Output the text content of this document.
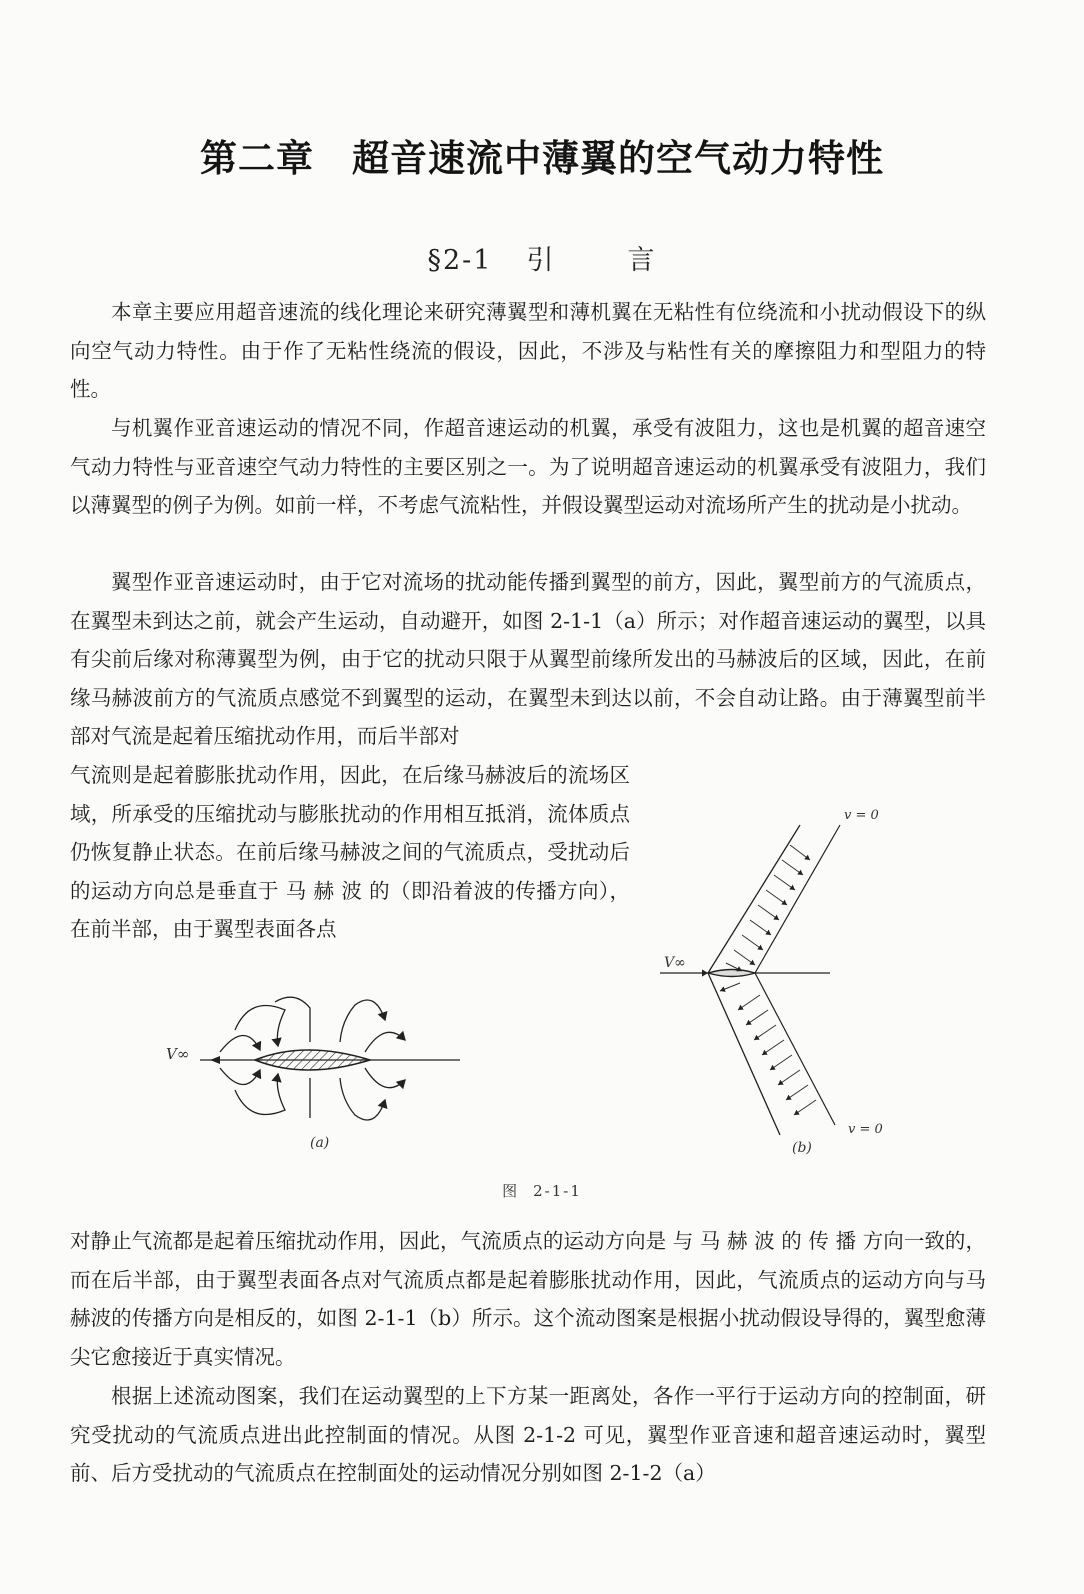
第二章 超音速流中薄翼的空气动力特性
§2-1 引	言

本章主要应用超音速流的线化理论来研究薄翼型和薄机翼在无粘性有位绕流和小扰动假设下的纵向空气动力特性。由于作了无粘性绕流的假设，因此，不涉及与粘性有关的摩擦阻力和型阻力的特性。

与机翼作亚音速运动的情况不同，作超音速运动的机翼，承受有波阻力，这也是机翼的超音速空气动力特性与亚音速空气动力特性的主要区别之一。为了说明超音速运动的机翼承受有波阻力，我们以薄翼型的例子为例。如前一样，不考虑气流粘性，并假设翼型运动对流场所产生的扰动是小扰动。

翼型作亚音速运动时，由于它对流场的扰动能传播到翼型的前方，因此，翼型前方的气流质点，在翼型未到达之前，就会产生运动，自动避开，如图 2-1-1（a）所示；对作超音速运动的翼型，以具有尖前后缘对称薄翼型为例，由于它的扰动只限于从翼型前缘所发出的马赫波后的区域，因此，在前缘马赫波前方的气流质点感觉不到翼型的运动，在翼型未到达以前，不会自动让路。由于薄翼型前半部对气流是起着压缩扰动作用，而后半部对

气流则是起着膨胀扰动作用，因此，在后缘马赫波后的流场区域，所承受的压缩扰动与膨胀扰动的作用相互抵消，流体质点仍恢复静止状态。在前后缘马赫波之间的气流质点，受扰动后的运动方向总是垂直于 马 赫 波 的（即沿着波的传播方向），在前半部，由于翼型表面各点

V∞
(a)
v = 0
V∞
v = 0
(b)
图 2-1-1

对静止气流都是起着压缩扰动作用，因此，气流质点的运动方向是 与 马 赫 波 的 传 播 方向一致的，而在后半部，由于翼型表面各点对气流质点都是起着膨胀扰动作用，因此，气流质点的运动方向与马赫波的传播方向是相反的，如图 2-1-1（b）所示。这个流动图案是根据小扰动假设导得的，翼型愈薄尖它愈接近于真实情况。

根据上述流动图案，我们在运动翼型的上下方某一距离处，各作一平行于运动方向的控制面，研究受扰动的气流质点进出此控制面的情况。从图 2-1-2 可见，翼型作亚音速和超音速运动时，翼型前、后方受扰动的气流质点在控制面处的运动情况分别如图 2-1-2（a）
